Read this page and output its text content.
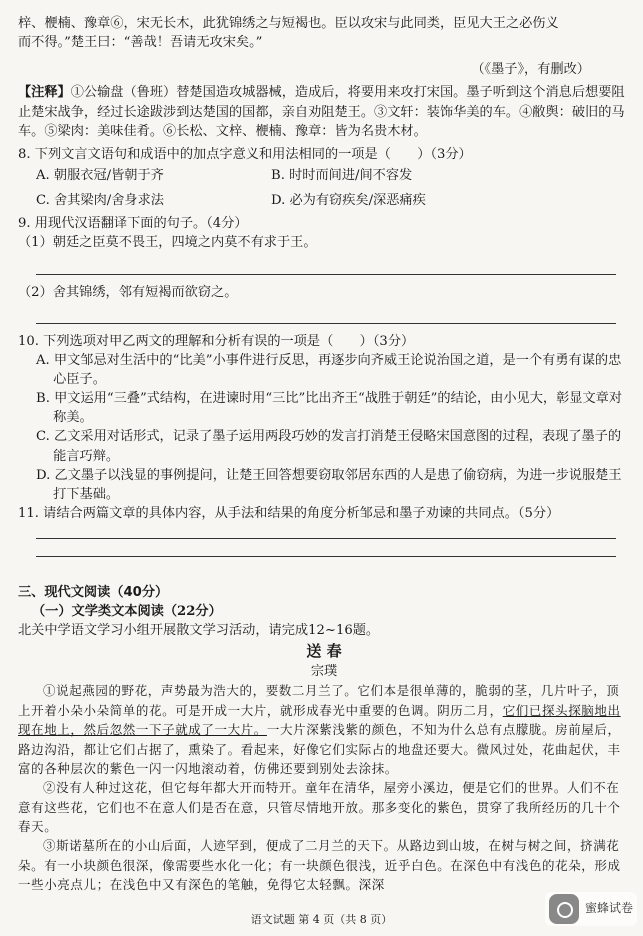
梓、楩楠、豫章⑥，宋无长木，此犹锦绣之与短褐也。臣以攻宋与此同类，臣见大王之必伤义

而不得。”楚王曰：“善哉！吾请无攻宋矣。”

（《墨子》，有删改）

【注释】①公输盘（鲁班）替楚国造攻城器械，造成后，将要用来攻打宋国。墨子听到这个消息后想要阻止楚宋战争，经过长途跋涉到达楚国的国都，亲自劝阻楚王。③文轩：装饰华美的车。④敝舆：破旧的马车。⑤梁肉：美味佳肴。⑥长松、文梓、楩楠、豫章：皆为名贵木材。

8. 下列文言文语句和成语中的加点字意义和用法相同的一项是（　　）（3分）

A. 朝服衣冠/皆朝于齐	B. 时时而间进/间不容发
C. 舍其梁肉/舍身求法	D. 必为有窃疾矣/深恶痛疾

9. 用现代汉语翻译下面的句子。（4分）

（1）朝廷之臣莫不畏王，四境之内莫不有求于王。

（2）舍其锦绣，邻有短褐而欲窃之。

10. 下列选项对甲乙两文的理解和分析有误的一项是（　　）（3分）

A. 甲文邹忌对生活中的“比美”小事件进行反思，再逐步向齐威王论说治国之道，是一个有勇有谋的忠心臣子。

B. 甲文运用“三叠”式结构，在进谏时用“三比”比出齐王“战胜于朝廷”的结论，由小见大，彰显文章对称美。

C. 乙文采用对话形式，记录了墨子运用两段巧妙的发言打消楚王侵略宋国意图的过程，表现了墨子的能言巧辩。

D. 乙文墨子以浅显的事例提问，让楚王回答想要窃取邻居东西的人是患了偷窃病，为进一步说服楚王打下基础。

11. 请结合两篇文章的具体内容，从手法和结果的角度分析邹忌和墨子劝谏的共同点。（5分）

三、现代文阅读（40分）

（一）文学类文本阅读（22分）

北关中学语文学习小组开展散文学习活动，请完成12~16题。

送 春

宗璞

①说起燕园的野花，声势最为浩大的，要数二月兰了。它们本是很单薄的，脆弱的茎，几片叶子，顶上开着小朵小朵简单的花。可是开成一大片，就形成春光中重要的色调。阴历二月，它们已探头探脑地出现在地上，然后忽然一下子就成了一大片。一大片深紫浅紫的颜色，不知为什么总有点朦胧。房前屋后，路边沟沿，都让它们占据了，熏染了。看起来，好像它们实际占的地盘还要大。微风过处，花曲起伏，丰富的各种层次的紫色一闪一闪地滚动着，仿佛还要到别处去涂抹。

②没有人种过这花，但它每年都大开而特开。童年在清华，屋旁小溪边，便是它们的世界。人们不在意有这些花，它们也不在意人们是否在意，只管尽情地开放。那多变化的紫色，贯穿了我所经历的几十个春天。

③斯诺墓所在的小山后面，人迹罕到，便成了二月兰的天下。从路边到山坡，在树与树之间，挤满花朵。有一小块颜色很深，像需要些水化一化；有一块颜色很浅，近乎白色。在深色中有浅色的花朵，形成一些小亮点儿；在浅色中又有深色的笔触，免得它太轻飘。深深

语文试题 第 4 页（共 8 页）
蜜蜂试卷
